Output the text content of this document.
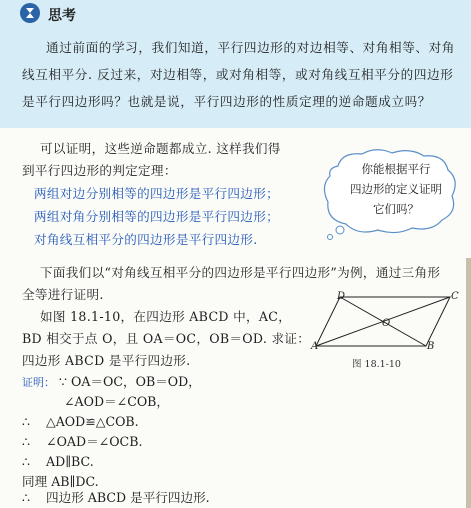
思考
通过前面的学习，我们知道，平行四边形的对边相等、对角相等、对角线互相平分. 反过来，对边相等，或对角相等，或对角线互相平分的四边形是平行四边形吗？也就是说，平行四边形的性质定理的逆命题成立吗？
可以证明，这些逆命题都成立. 这样我们得
到平行四边形的判定定理：
两组对边分别相等的四边形是平行四边形；
两组对角分别相等的四边形是平行四边形；
对角线互相平分的四边形是平行四边形.
你能根据平行
四边形的定义证明
它们吗？
下面我们以“对角线互相平分的四边形是平行四边形”为例，通过三角形
全等进行证明.
如图 18.1-10，在四边形 ABCD 中，AC，
BD 相交于点 O，且 OA＝OC，OB＝OD. 求证：
四边形 ABCD 是平行四边形.
D	C
A	B
O
图 18.1-10
证明： ∵ OA＝OC，OB＝OD，
∠AOD＝∠COB，
∴ △AOD≌△COB.
∴ ∠OAD＝∠OCB.
∴ AD∥BC.
同理 AB∥DC.
∴ 四边形 ABCD 是平行四边形.
